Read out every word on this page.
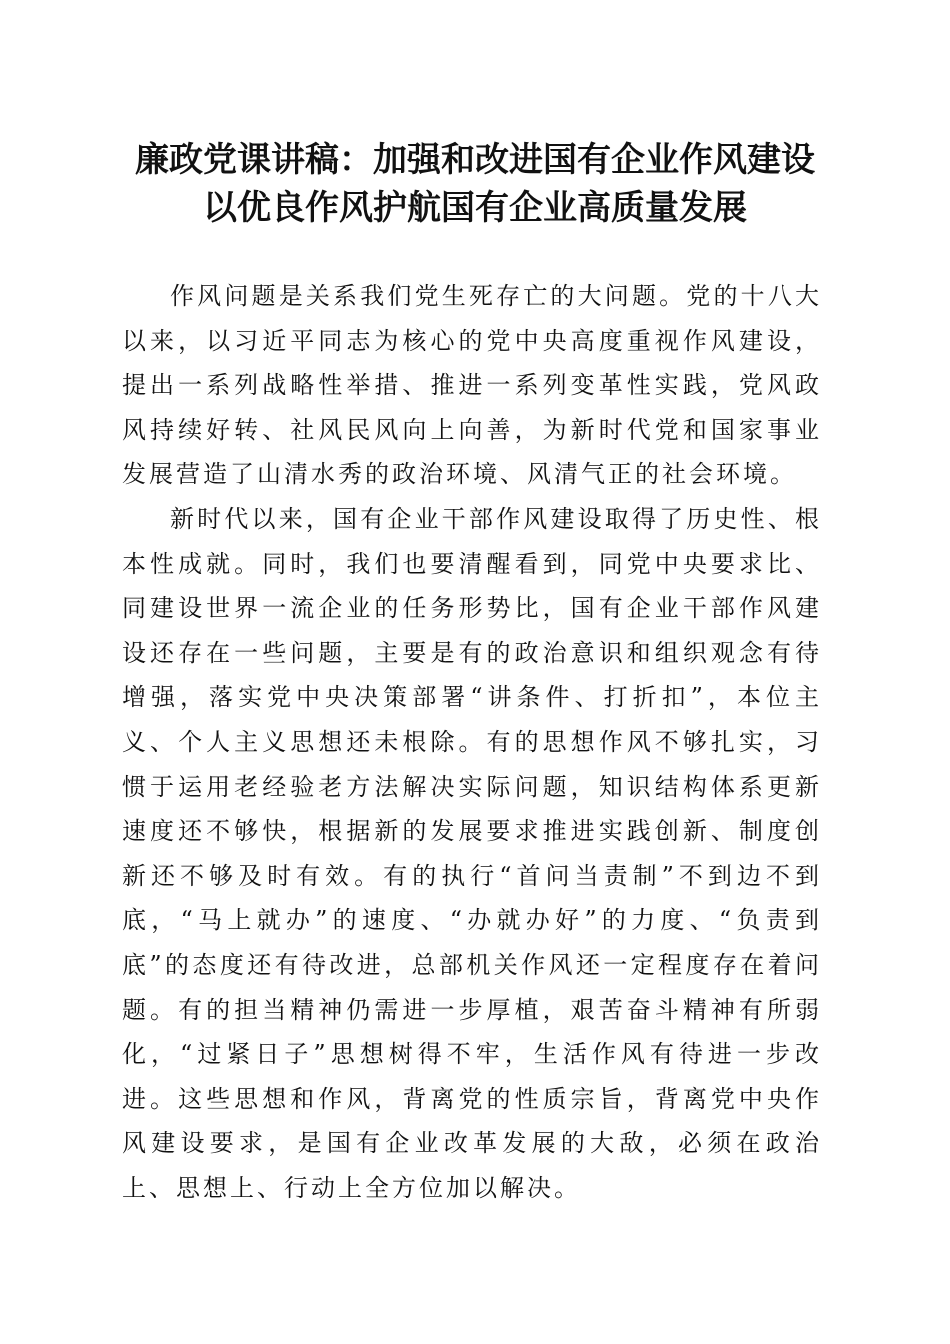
廉政党课讲稿：加强和改进国有企业作风建设
以优良作风护航国有企业高质量发展

作风问题是关系我们党生死存亡的大问题。党的十八大以来，以习近平同志为核心的党中央高度重视作风建设，提出一系列战略性举措、推进一系列变革性实践，党风政风持续好转、社风民风向上向善，为新时代党和国家事业发展营造了山清水秀的政治环境、风清气正的社会环境。

新时代以来，国有企业干部作风建设取得了历史性、根本性成就。同时，我们也要清醒看到，同党中央要求比、同建设世界一流企业的任务形势比，国有企业干部作风建设还存在一些问题，主要是有的政治意识和组织观念有待增强，落实党中央决策部署“讲条件、打折扣”，本位主义、个人主义思想还未根除。有的思想作风不够扎实，习惯于运用老经验老方法解决实际问题，知识结构体系更新速度还不够快，根据新的发展要求推进实践创新、制度创新还不够及时有效。有的执行“首问当责制”不到边不到底，“马上就办”的速度、“办就办好”的力度、“负责到底”的态度还有待改进，总部机关作风还一定程度存在着问题。有的担当精神仍需进一步厚植，艰苦奋斗精神有所弱化，“过紧日子”思想树得不牢，生活作风有待进一步改进。这些思想和作风，背离党的性质宗旨，背离党中央作风建设要求，是国有企业改革发展的大敌，必须在政治上、思想上、行动上全方位加以解决。
